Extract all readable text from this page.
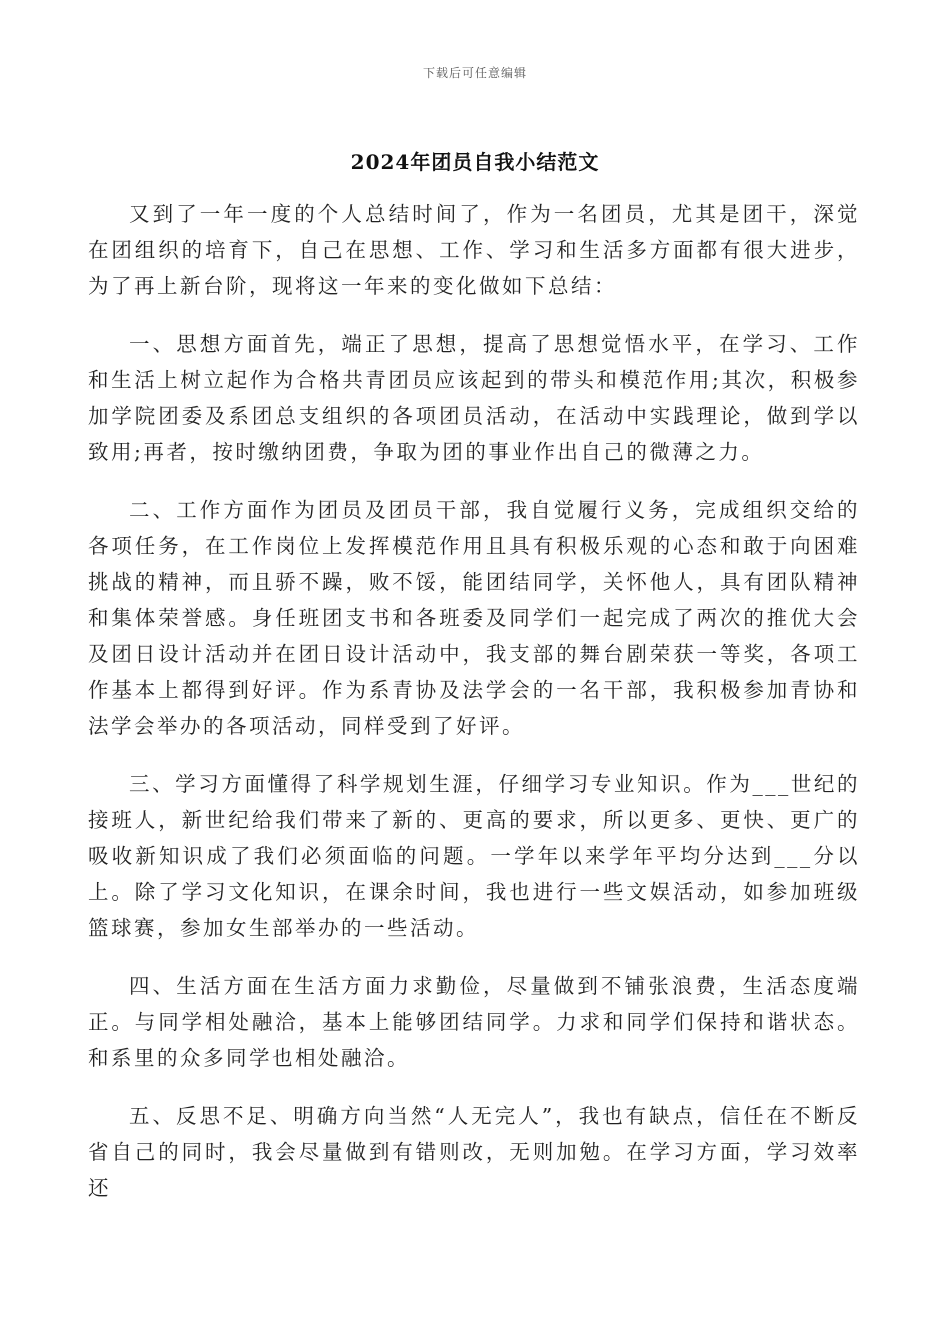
下载后可任意编辑
2024年团员自我小结范文

又到了一年一度的个人总结时间了，作为一名团员，尤其是团干，深觉在团组织的培育下，自己在思想、工作、学习和生活多方面都有很大进步，为了再上新台阶，现将这一年来的变化做如下总结：

一、思想方面首先，端正了思想，提高了思想觉悟水平，在学习、工作和生活上树立起作为合格共青团员应该起到的带头和模范作用;其次，积极参加学院团委及系团总支组织的各项团员活动，在活动中实践理论，做到学以致用;再者，按时缴纳团费，争取为团的事业作出自己的微薄之力。

二、工作方面作为团员及团员干部，我自觉履行义务，完成组织交给的各项任务，在工作岗位上发挥模范作用且具有积极乐观的心态和敢于向困难挑战的精神，而且骄不躁，败不馁，能团结同学，关怀他人，具有团队精神和集体荣誉感。身任班团支书和各班委及同学们一起完成了两次的推优大会及团日设计活动并在团日设计活动中，我支部的舞台剧荣获一等奖，各项工作基本上都得到好评。作为系青协及法学会的一名干部，我积极参加青协和法学会举办的各项活动，同样受到了好评。

三、学习方面懂得了科学规划生涯，仔细学习专业知识。作为___世纪的接班人，新世纪给我们带来了新的、更高的要求，所以更多、更快、更广的吸收新知识成了我们必须面临的问题。一学年以来学年平均分达到___分以上。除了学习文化知识，在课余时间，我也进行一些文娱活动，如参加班级篮球赛，参加女生部举办的一些活动。

四、生活方面在生活方面力求勤俭，尽量做到不铺张浪费，生活态度端正。与同学相处融洽，基本上能够团结同学。力求和同学们保持和谐状态。和系里的众多同学也相处融洽。

五、反思不足、明确方向当然“人无完人”，我也有缺点，信任在不断反省自己的同时，我会尽量做到有错则改，无则加勉。在学习方面，学习效率还
